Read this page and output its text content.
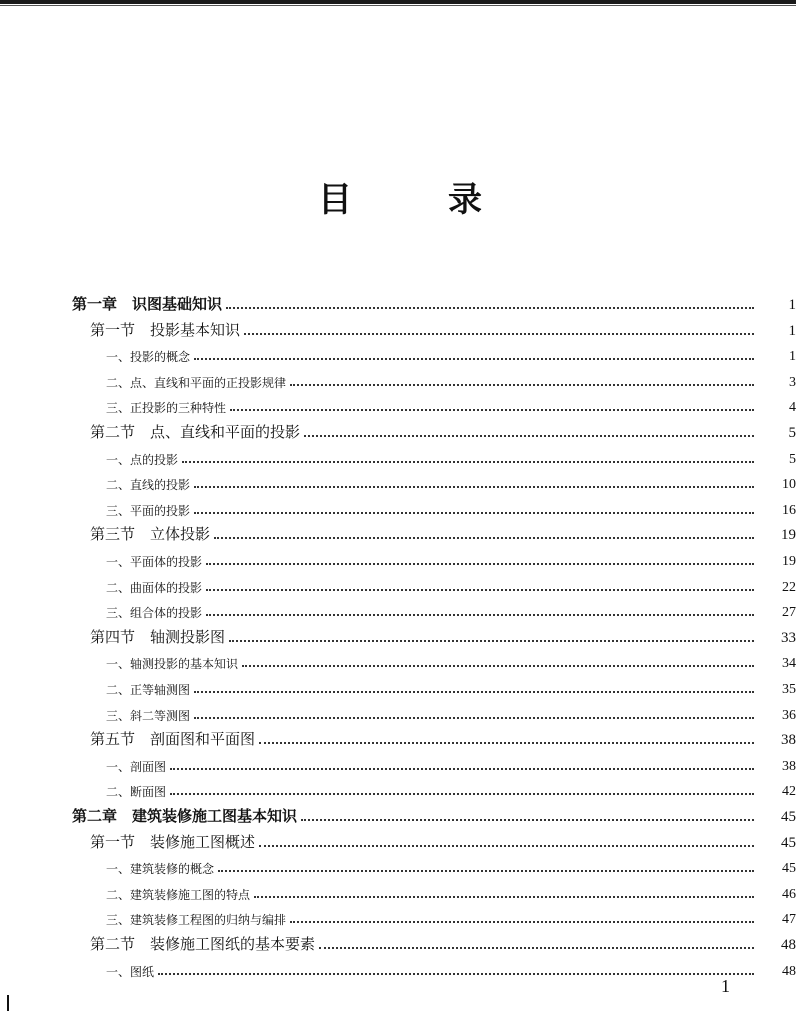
目	录
第一章　识图基础知识	1
第一节　投影基本知识	1
一、投影的概念	1
二、点、直线和平面的正投影规律	3
三、正投影的三种特性	4
第二节　点、直线和平面的投影	5
一、点的投影	5
二、直线的投影	10
三、平面的投影	16
第三节　立体投影	19
一、平面体的投影	19
二、曲面体的投影	22
三、组合体的投影	27
第四节　轴测投影图	33
一、轴测投影的基本知识	34
二、正等轴测图	35
三、斜二等测图	36
第五节　剖面图和平面图	38
一、剖面图	38
二、断面图	42
第二章　建筑装修施工图基本知识	45
第一节　装修施工图概述	45
一、建筑装修的概念	45
二、建筑装修施工图的特点	46
三、建筑装修工程图的归纳与编排	47
第二节　装修施工图纸的基本要素	48
一、图纸	48
1
